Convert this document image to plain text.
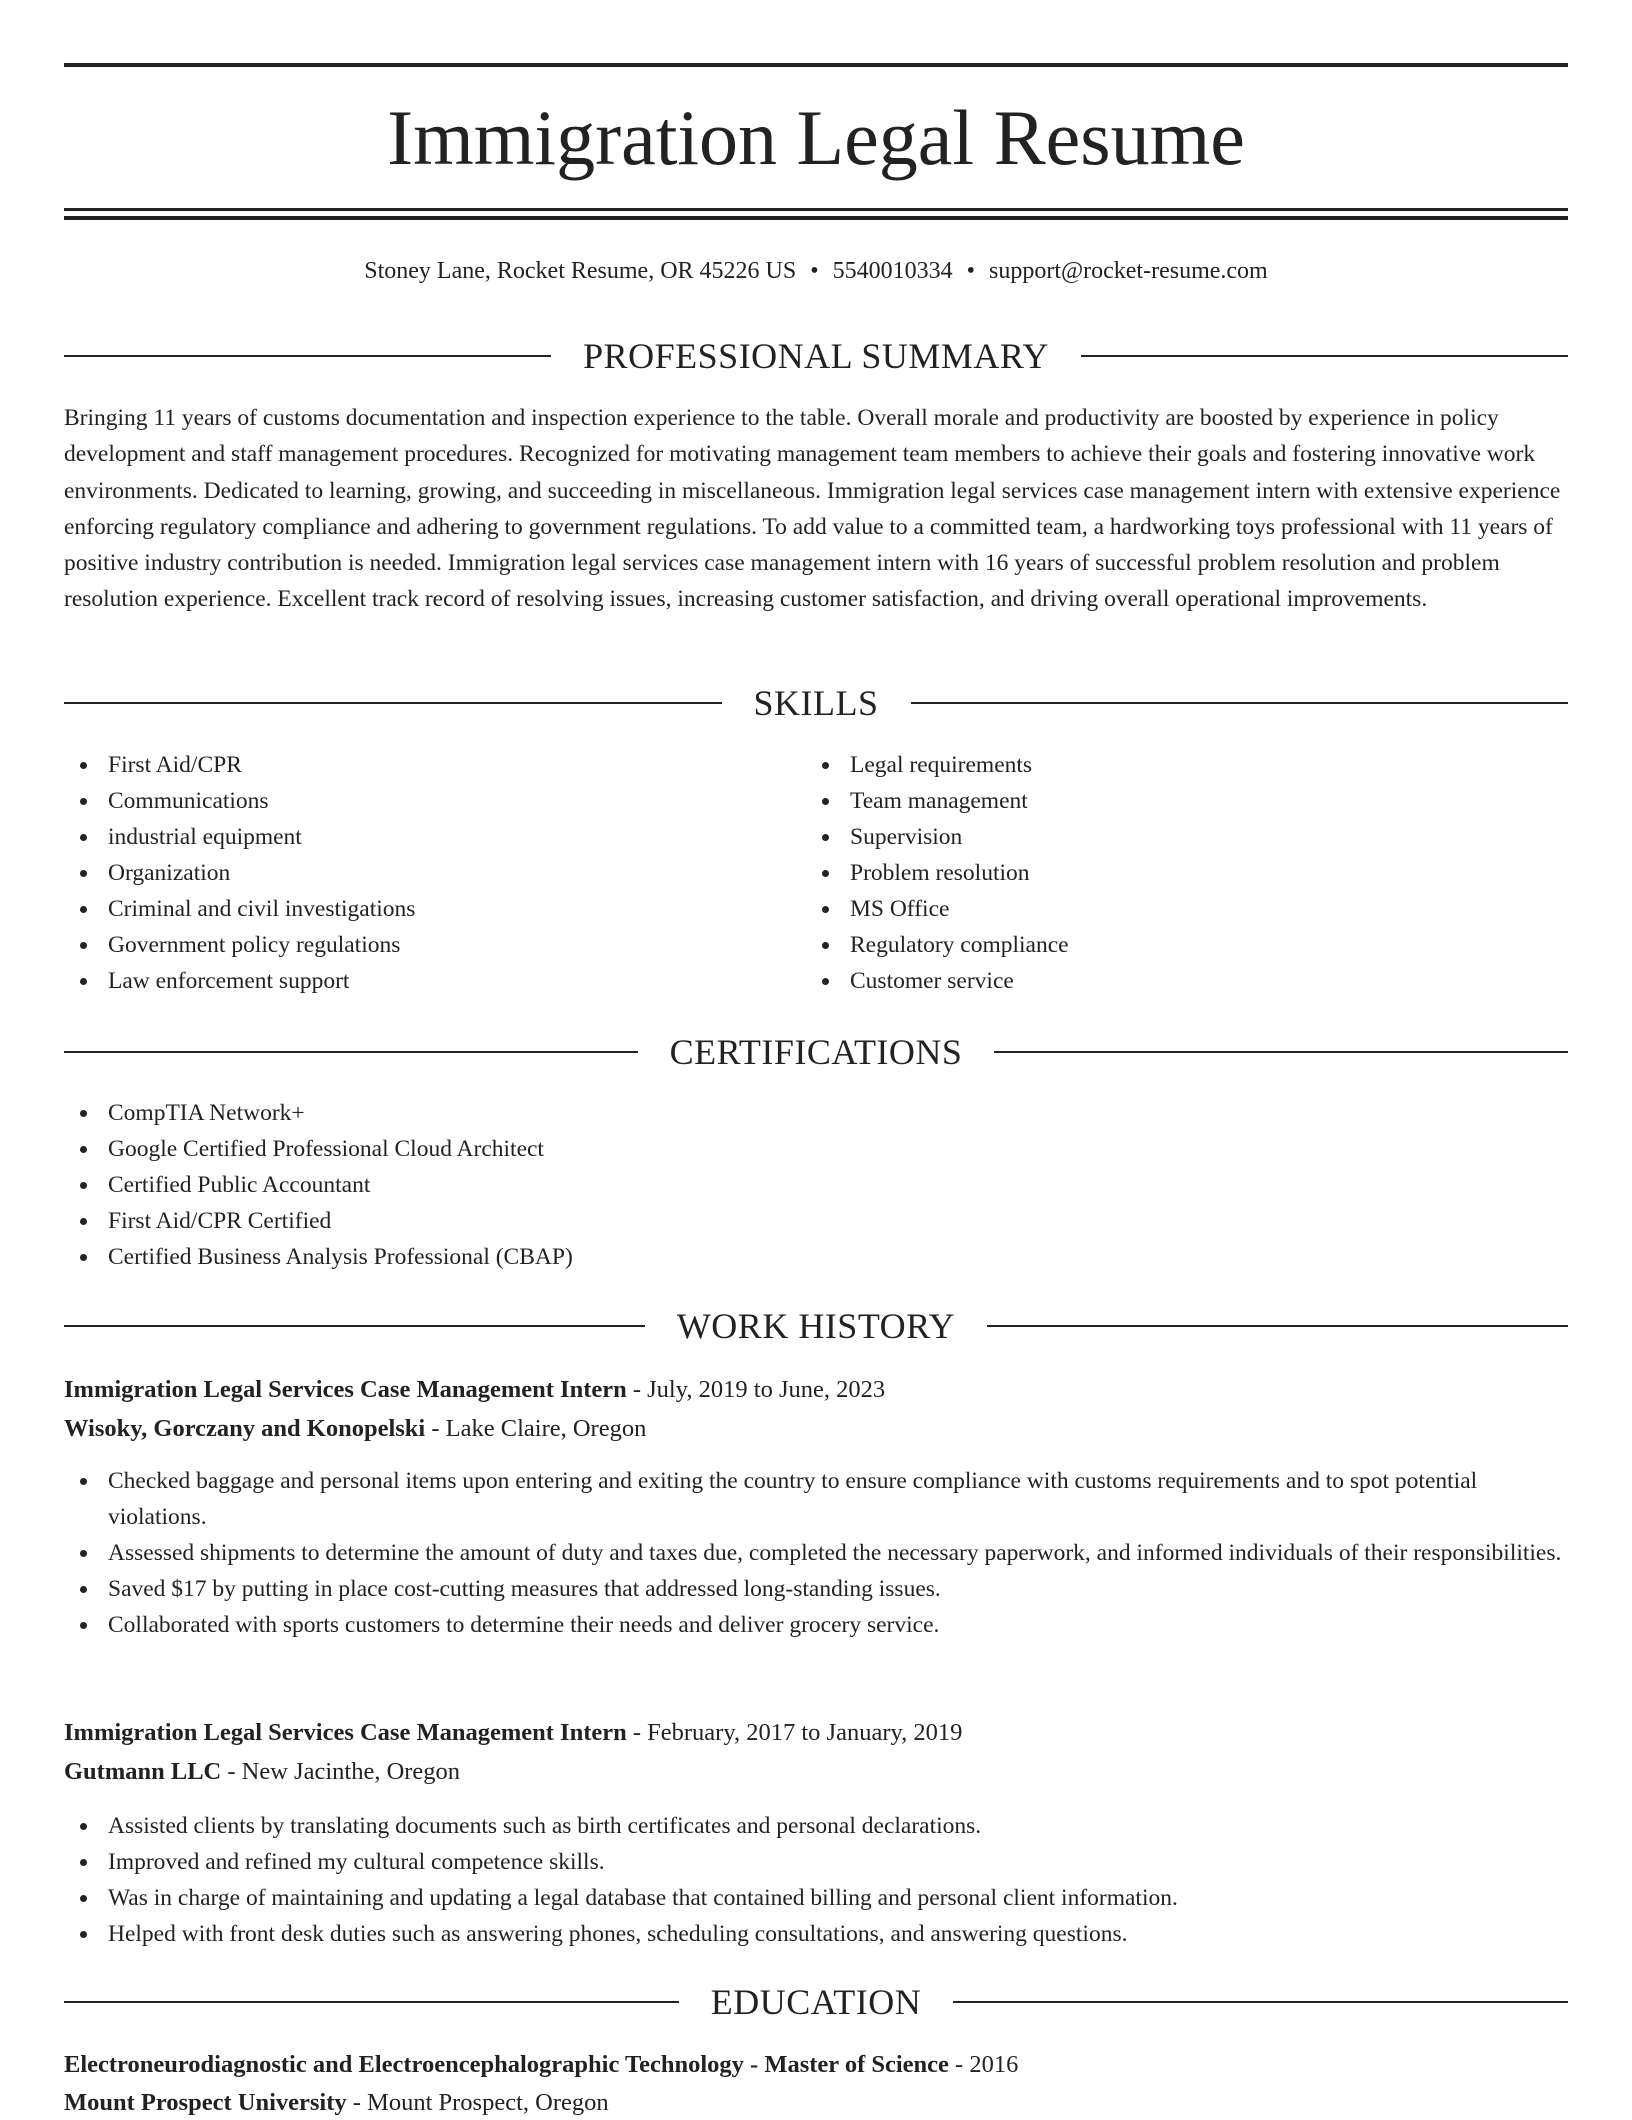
Immigration Legal Resume
Stoney Lane, Rocket Resume, OR 45226 US • 5540010334 • support@rocket-resume.com
PROFESSIONAL SUMMARY

Bringing 11 years of customs documentation and inspection experience to the table. Overall morale and productivity are boosted by experience in policy development and staff management procedures. Recognized for motivating management team members to achieve their goals and fostering innovative work environments. Dedicated to learning, growing, and succeeding in miscellaneous. Immigration legal services case management intern with extensive experience enforcing regulatory compliance and adhering to government regulations. To add value to a committed team, a hardworking toys professional with 11 years of positive industry contribution is needed. Immigration legal services case management intern with 16 years of successful problem resolution and problem resolution experience. Excellent track record of resolving issues, increasing customer satisfaction, and driving overall operational improvements.

SKILLS
First Aid/CPR
Communications
industrial equipment
Organization
Criminal and civil investigations
Government policy regulations
Law enforcement support
Legal requirements
Team management
Supervision
Problem resolution
MS Office
Regulatory compliance
Customer service
CERTIFICATIONS
CompTIA Network+
Google Certified Professional Cloud Architect
Certified Public Accountant
First Aid/CPR Certified
Certified Business Analysis Professional (CBAP)
WORK HISTORY
Immigration Legal Services Case Management Intern - July, 2019 to June, 2023
Wisoky, Gorczany and Konopelski - Lake Claire, Oregon
Checked baggage and personal items upon entering and exiting the country to ensure compliance with customs requirements and to spot potential violations.
Assessed shipments to determine the amount of duty and taxes due, completed the necessary paperwork, and informed individuals of their responsibilities.
Saved $17 by putting in place cost-cutting measures that addressed long-standing issues.
Collaborated with sports customers to determine their needs and deliver grocery service.
Immigration Legal Services Case Management Intern - February, 2017 to January, 2019
Gutmann LLC - New Jacinthe, Oregon
Assisted clients by translating documents such as birth certificates and personal declarations.
Improved and refined my cultural competence skills.
Was in charge of maintaining and updating a legal database that contained billing and personal client information.
Helped with front desk duties such as answering phones, scheduling consultations, and answering questions.
EDUCATION
Electroneurodiagnostic and Electroencephalographic Technology - Master of Science - 2016
Mount Prospect University - Mount Prospect, Oregon
